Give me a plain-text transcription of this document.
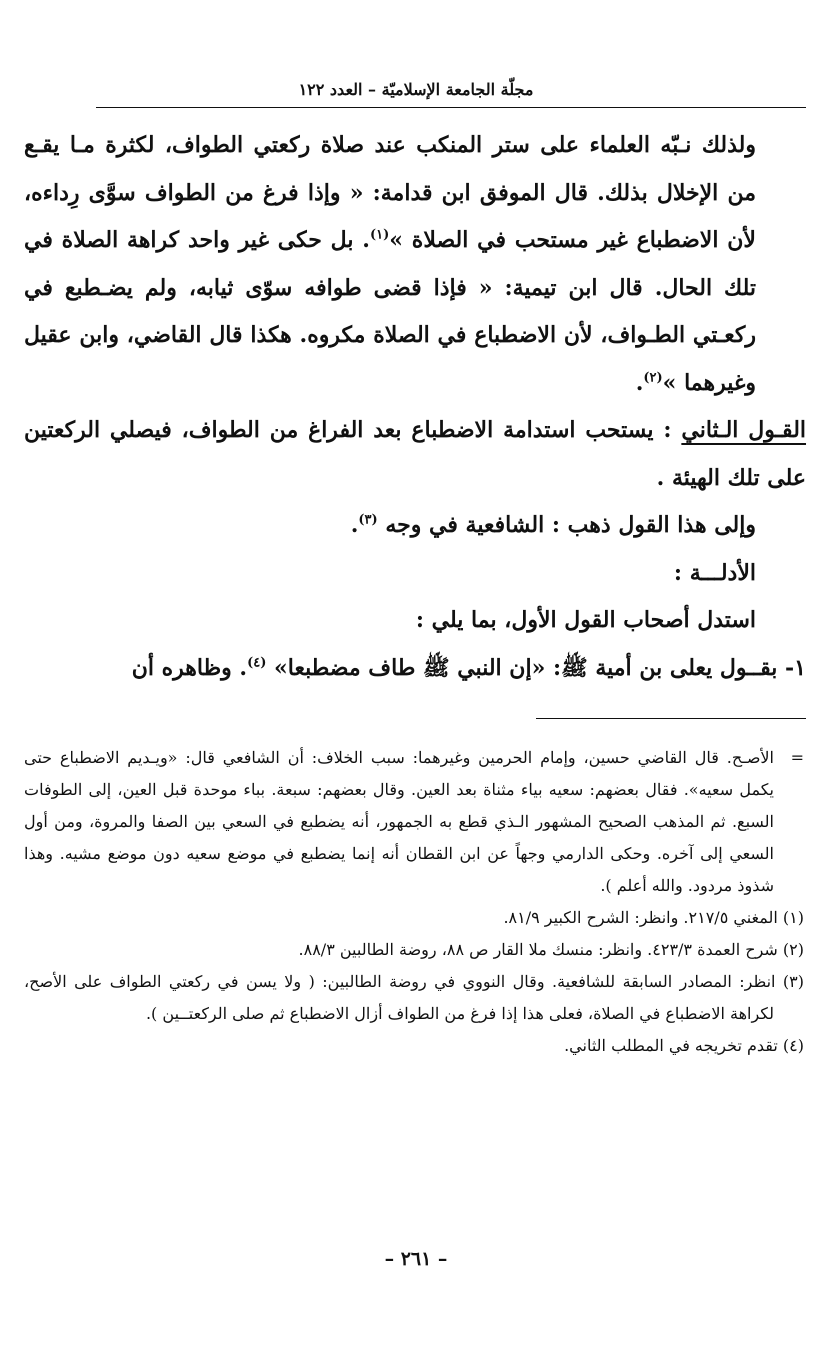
مجلّة الجامعة الإسلاميّة – العدد ١٢٢

ولذلك نـبّه العلماء على ستر المنكب عند صلاة ركعتي الطواف، لكثرة مـا يقـع من الإخلال بذلك. قال الموفق ابن قدامة: « وإذا فرغ من الطواف سوَّى رِداءه، لأن الاضطباع غير مستحب في الصلاة »$^{(١)}$. بل حكى غير واحد كراهة الصلاة في تلك الحال. قال ابن تيمية: « فإذا قضى طوافه سوّى ثيابه، ولم يضـطبع في ركعـتي الطـواف، لأن الاضطباع في الصلاة مكروه. هكذا قال القاضي، وابن عقيل وغيرهما »$^{(٢)}$.

القـول الـثاني : يستحب استدامة الاضطباع بعد الفراغ من الطواف، فيصلي الركعتين على تلك الهيئة .

وإلى هذا القول ذهب : الشافعية في وجه $^{(٣)}$.

الأدلـــة :

استدل أصحاب القول الأول، بما يلي :

١- بقــول يعلى بن أمية ﷺ: «إن النبي ﷺ طاف مضطبعا» $^{(٤)}$. وظاهره أن

=
الأصـح. قال القاضي حسين، وإمام الحرمين وغيرهما: سبب الخلاف: أن الشافعي قال: «ويـديم الاضطباع حتى يكمل سعيه». فقال بعضهم: سعيه بياء مثناة بعد العين. وقال بعضهم: سبعة. بباء موحدة قبل العين، إلى الطوفات السبع. ثم المذهب الصحيح المشهور الـذي قطع به الجمهور، أنه يضطبع في السعي بين الصفا والمروة، ومن أول السعي إلى آخره. وحكى الدارمي وجهاً عن ابن القطان أنه إنما يضطبع في موضع سعيه دون موضع مشيه. وهذا شذوذ مردود. والله أعلم ).

(١) المغني ٢١٧/٥. وانظر: الشرح الكبير ٨١/٩.

(٢) شرح العمدة ٤٢٣/٣. وانظر: منسك ملا القار ص ٨٨، روضة الطالبين ٨٨/٣.

(٣) انظر: المصادر السابقة للشافعية. وقال النووي في روضة الطالبين: ( ولا يسن في ركعتي الطواف على الأصح، لكراهة الاضطباع في الصلاة، فعلى هذا إذا فرغ من الطواف أزال الاضطباع ثم صلى الركعتــين ).

(٤) تقدم تخريجه في المطلب الثاني.

– ٢٦١ –
